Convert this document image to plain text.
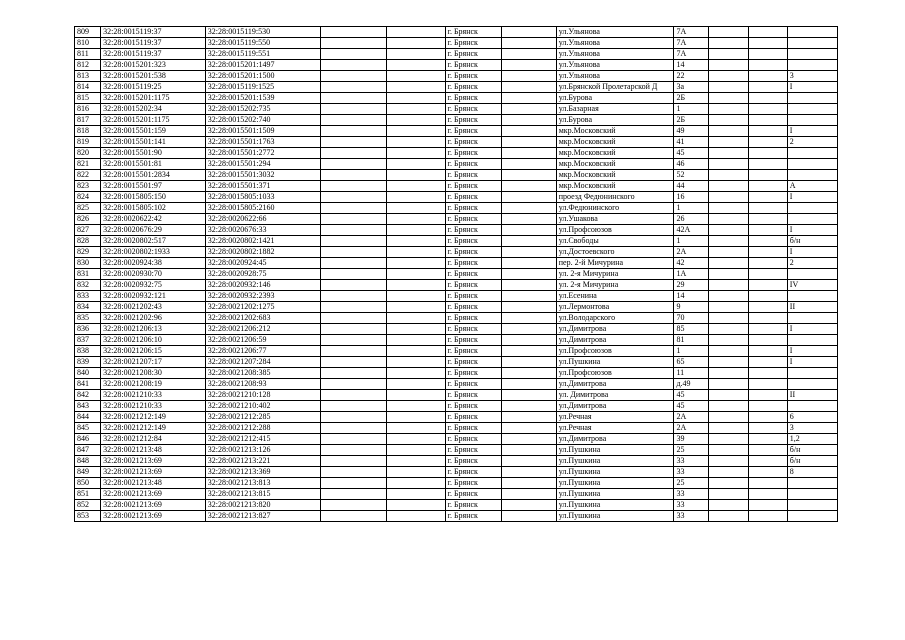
809	32:28:0015119:37	32:28:0015119:530			г. Брянск		ул.Ульянова	7А			
810	32:28:0015119:37	32:28:0015119:550			г. Брянск		ул.Ульянова	7А			
811	32:28:0015119:37	32:28:0015119:551			г. Брянск		ул.Ульянова	7А			
812	32:28:0015201:323	32:28:0015201:1497			г. Брянск		ул.Ульянова	14			
813	32:28:0015201:538	32:28:0015201:1500			г. Брянск		ул.Ульянова	22			3
814	32:28:0015119:25	32:28:0015119:1525			г. Брянск		ул.Брянской Пролетарской Д	3а			I
815	32:28:0015201:1175	32:28:0015201:1539			г. Брянск		ул.Бурова	2Б			
816	32:28:0015202:34	32:28:0015202:735			г. Брянск		ул.Базарная	1			
817	32:28:0015201:1175	32:28:0015202:740			г. Брянск		ул.Бурова	2Б			
818	32:28:0015501:159	32:28:0015501:1509			г. Брянск		мкр.Московский	49			I
819	32:28:0015501:141	32:28:0015501:1763			г. Брянск		мкр.Московский	41			2
820	32:28:0015501:90	32:28:0015501:2772			г. Брянск		мкр.Московский	45			
821	32:28:0015501:81	32:28:0015501:294			г. Брянск		мкр.Московский	46			
822	32:28:0015501:2834	32:28:0015501:3032			г. Брянск		мкр.Московский	52			
823	32:28:0015501:97	32:28:0015501:371			г. Брянск		мкр.Московский	44			А
824	32:28:0015805:150	32:28:0015805:1033			г. Брянск		проезд Федюнинского	16			I
825	32:28:0015805:102	32:28:0015805:2160			г. Брянск		ул.Федюнинского	1			
826	32:28:0020622:42	32:28:0020622:66			г. Брянск		ул.Ушакова	26			
827	32:28:0020676:29	32:28:0020676:33			г. Брянск		ул.Профсоюзов	42А			I
828	32:28:0020802:517	32:28:0020802:1421			г. Брянск		ул.Свободы	1			б/н
829	32:28:0020802:1933	32:28:0020802:1882			г. Брянск		ул.Достоевского	2А			I
830	32:28:0020924:38	32:28:0020924:45			г. Брянск		пер. 2-й Мичурина	42			2
831	32:28:0020930:70	32:28:0020928:75			г. Брянск		ул. 2-я Мичурина	1А			
832	32:28:0020932:75	32:28:0020932:146			г. Брянск		ул. 2-я Мичурина	29			IV
833	32:28:0020932:121	32:28:0020932:2393			г. Брянск		ул.Есенина	14			
834	32:28:0021202:43	32:28:0021202:1275			г. Брянск		ул.Лермонтова	9			II
835	32:28:0021202:96	32:28:0021202:683			г. Брянск		ул.Володарского	70			
836	32:28:0021206:13	32:28:0021206:212			г. Брянск		ул.Димитрова	85			I
837	32:28:0021206:10	32:28:0021206:59			г. Брянск		ул.Димитрова	81			
838	32:28:0021206:15	32:28:0021206:77			г. Брянск		ул.Профсоюзов	1			I
839	32:28:0021207:17	32:28:0021207:284			г. Брянск		ул.Пушкина	65			I
840	32:28:0021208:30	32:28:0021208:385			г. Брянск		ул.Профсоюзов	11			
841	32:28:0021208:19	32:28:0021208:93			г. Брянск		ул.Димитрова	д.49			
842	32:28:0021210:33	32:28:0021210:128			г. Брянск		ул. Димитрова	45			II
843	32:28:0021210:33	32:28:0021210:402			г. Брянск		ул.Димитрова	45			
844	32:28:0021212:149	32:28:0021212:285			г. Брянск		ул.Речная	2А			6
845	32:28:0021212:149	32:28:0021212:288			г. Брянск		ул.Речная	2А			3
846	32:28:0021212:84	32:28:0021212:415			г. Брянск		ул.Димитрова	39			1,2
847	32:28:0021213:48	32:28:0021213:126			г. Брянск		ул.Пушкина	25			б/н
848	32:28:0021213:69	32:28:0021213:221			г. Брянск		ул.Пушкина	33			б/н
849	32:28:0021213:69	32:28:0021213:369			г. Брянск		ул.Пушкина	33			8
850	32:28:0021213:48	32:28:0021213:813			г. Брянск		ул.Пушкина	25			
851	32:28:0021213:69	32:28:0021213:815			г. Брянск		ул.Пушкина	33			
852	32:28:0021213:69	32:28:0021213:820			г. Брянск		ул.Пушкина	33			
853	32:28:0021213:69	32:28:0021213:827			г. Брянск		ул.Пушкина	33			
